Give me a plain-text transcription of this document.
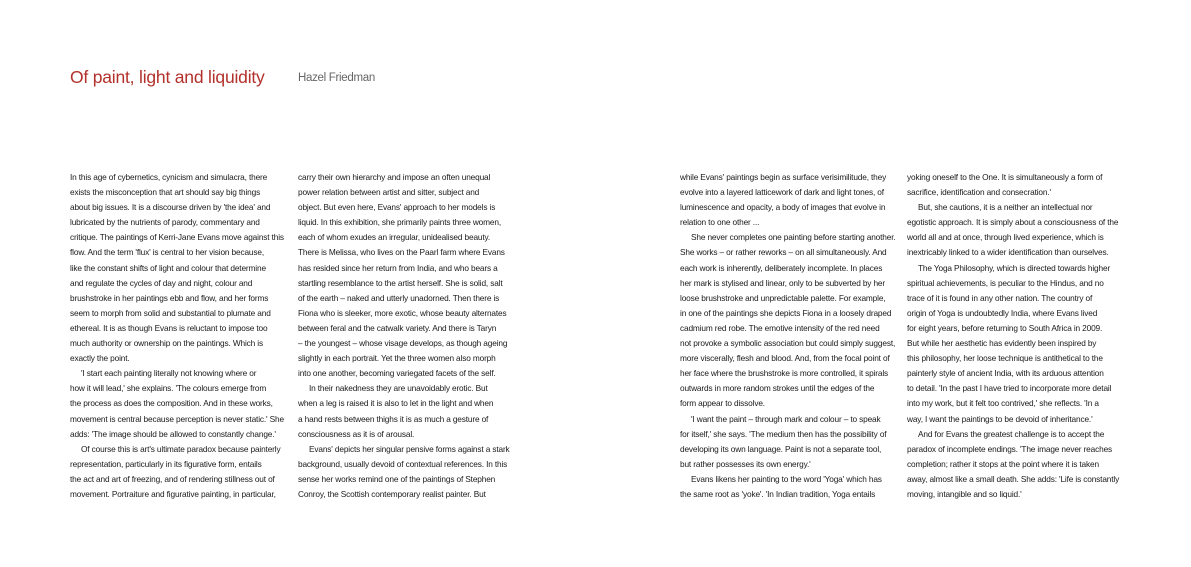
Of paint, light and liquidity	Hazel Friedman
In this age of cybernetics, cynicism and simulacra, there
exists the misconception that art should say big things
about big issues. It is a discourse driven by 'the idea' and
lubricated by the nutrients of parody, commentary and
critique. The paintings of Kerri-Jane Evans move against this
flow. And the term 'flux' is central to her vision because,
like the constant shifts of light and colour that determine
and regulate the cycles of day and night, colour and
brushstroke in her paintings ebb and flow, and her forms
seem to morph from solid and substantial to plumate and
ethereal. It is as though Evans is reluctant to impose too
much authority or ownership on the paintings. Which is
exactly the point.
'I start each painting literally not knowing where or
how it will lead,' she explains. 'The colours emerge from
the process as does the composition. And in these works,
movement is central because perception is never static.' She
adds: 'The image should be allowed to constantly change.'
Of course this is art's ultimate paradox because painterly
representation, particularly in its figurative form, entails
the act and art of freezing, and of rendering stillness out of
movement. Portraiture and figurative painting, in particular,
carry their own hierarchy and impose an often unequal
power relation between artist and sitter, subject and
object. But even here, Evans' approach to her models is
liquid. In this exhibition, she primarily paints three women,
each of whom exudes an irregular, unidealised beauty.
There is Melissa, who lives on the Paarl farm where Evans
has resided since her return from India, and who bears a
startling resemblance to the artist herself. She is solid, salt
of the earth – naked and utterly unadorned. Then there is
Fiona who is sleeker, more exotic, whose beauty alternates
between feral and the catwalk variety. And there is Taryn
– the youngest – whose visage develops, as though ageing
slightly in each portrait. Yet the three women also morph
into one another, becoming variegated facets of the self.
In their nakedness they are unavoidably erotic. But
when a leg is raised it is also to let in the light and when
a hand rests between thighs it is as much a gesture of
consciousness as it is of arousal.
Evans' depicts her singular pensive forms against a stark
background, usually devoid of contextual references. In this
sense her works remind one of the paintings of Stephen
Conroy, the Scottish contemporary realist painter. But
while Evans' paintings begin as surface verisimilitude, they
evolve into a layered latticework of dark and light tones, of
luminescence and opacity, a body of images that evolve in
relation to one other ...
She never completes one painting before starting another.
She works – or rather reworks – on all simultaneously. And
each work is inherently, deliberately incomplete. In places
her mark is stylised and linear, only to be subverted by her
loose brushstroke and unpredictable palette. For example,
in one of the paintings she depicts Fiona in a loosely draped
cadmium red robe. The emotive intensity of the red need
not provoke a symbolic association but could simply suggest,
more viscerally, flesh and blood. And, from the focal point of
her face where the brushstroke is more controlled, it spirals
outwards in more random strokes until the edges of the
form appear to dissolve.
'I want the paint – through mark and colour – to speak
for itself,' she says. 'The medium then has the possibility of
developing its own language. Paint is not a separate tool,
but rather possesses its own energy.'
Evans likens her painting to the word 'Yoga' which has
the same root as 'yoke'. 'In Indian tradition, Yoga entails
yoking oneself to the One. It is simultaneously a form of
sacrifice, identification and consecration.'
But, she cautions, it is a neither an intellectual nor
egotistic approach. It is simply about a consciousness of the
world all and at once, through lived experience, which is
inextricably linked to a wider identification than ourselves.
The Yoga Philosophy, which is directed towards higher
spiritual achievements, is peculiar to the Hindus, and no
trace of it is found in any other nation. The country of
origin of Yoga is undoubtedly India, where Evans lived
for eight years, before returning to South Africa in 2009.
But while her aesthetic has evidently been inspired by
this philosophy, her loose technique is antithetical to the
painterly style of ancient India, with its arduous attention
to detail. 'In the past I have tried to incorporate more detail
into my work, but it felt too contrived,' she reflects. 'In a
way, I want the paintings to be devoid of inheritance.'
And for Evans the greatest challenge is to accept the
paradox of incomplete endings. 'The image never reaches
completion; rather it stops at the point where it is taken
away, almost like a small death. She adds: 'Life is constantly
moving, intangible and so liquid.'
